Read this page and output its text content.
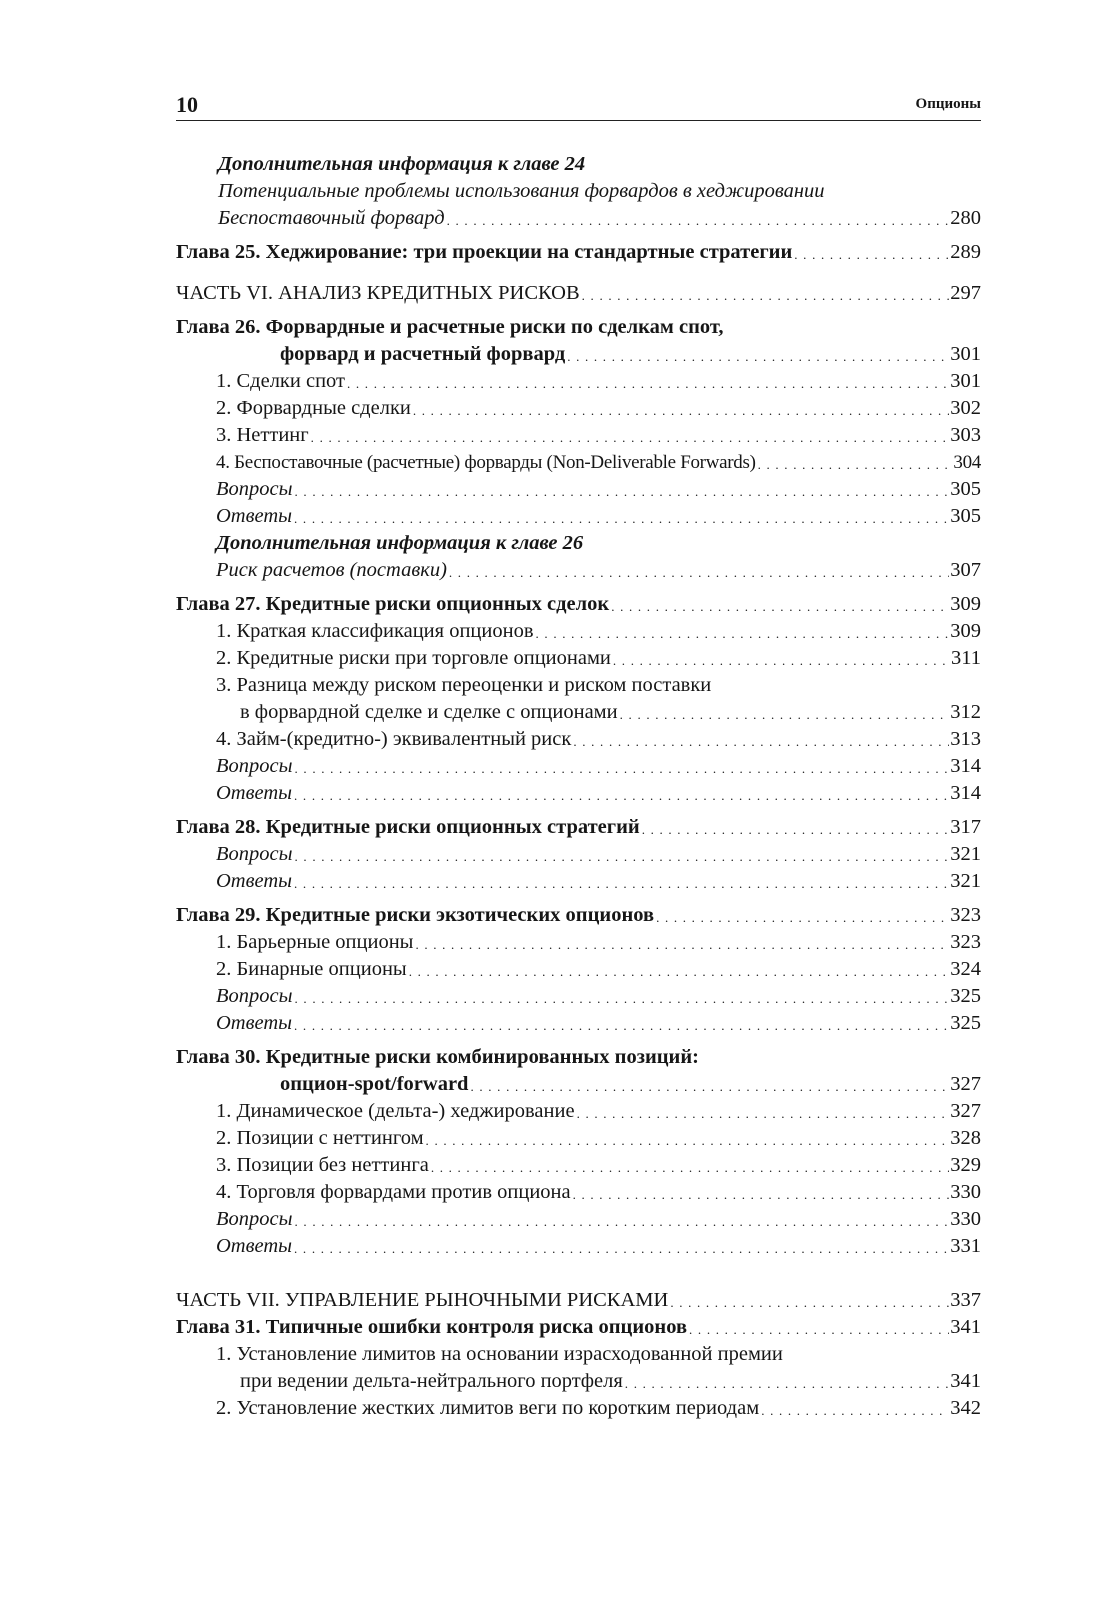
10	Опционы
Дополнительная информация к главе 24
Потенциальные проблемы использования форвардов в хеджировании
Беспоставочный форвард . . .	280
Глава 25. Хеджирование: три проекции на стандартные стратегии . . .	289
ЧАСТЬ VI. АНАЛИЗ КРЕДИТНЫХ РИСКОВ . . .	297
Глава 26. Форвардные и расчетные риски по сделкам спот,
форвард и расчетный форвард . . .	301
1. Сделки спот . . .	301
2. Форвардные сделки . . .	302
3. Неттинг . . .	303
4. Беспоставочные (расчетные) форварды (Non-Deliverable Forwards) . . .	304
Вопросы . . .	305
Ответы . . .	305
Дополнительная информация к главе 26
Риск расчетов (поставки) . . .	307
Глава 27. Кредитные риски опционных сделок . . .	309
1. Краткая классификация опционов . . .	309
2. Кредитные риски при торговле опционами . . .	311
3. Разница между риском переоценки и риском поставки
в форвардной сделке и сделке с опционами . . .	312
4. Займ-(кредитно-) эквивалентный риск . . .	313
Вопросы . . .	314
Ответы . . .	314
Глава 28. Кредитные риски опционных стратегий . . .	317
Вопросы . . .	321
Ответы . . .	321
Глава 29. Кредитные риски экзотических опционов . . .	323
1. Барьерные опционы . . .	323
2. Бинарные опционы . . .	324
Вопросы . . .	325
Ответы . . .	325
Глава 30. Кредитные риски комбинированных позиций:
опцион-spot/forward . . .	327
1. Динамическое (дельта-) хеджирование . . .	327
2. Позиции с неттингом . . .	328
3. Позиции без неттинга . . .	329
4. Торговля форвардами против опциона . . .	330
Вопросы . . .	330
Ответы . . .	331
ЧАСТЬ VII. УПРАВЛЕНИЕ РЫНОЧНЫМИ РИСКАМИ . . .	337
Глава 31. Типичные ошибки контроля риска опционов . . .	341
1. Установление лимитов на основании израсходованной премии
при ведении дельта-нейтрального портфеля . . .	341
2. Установление жестких лимитов веги по коротким периодам . . .	342
